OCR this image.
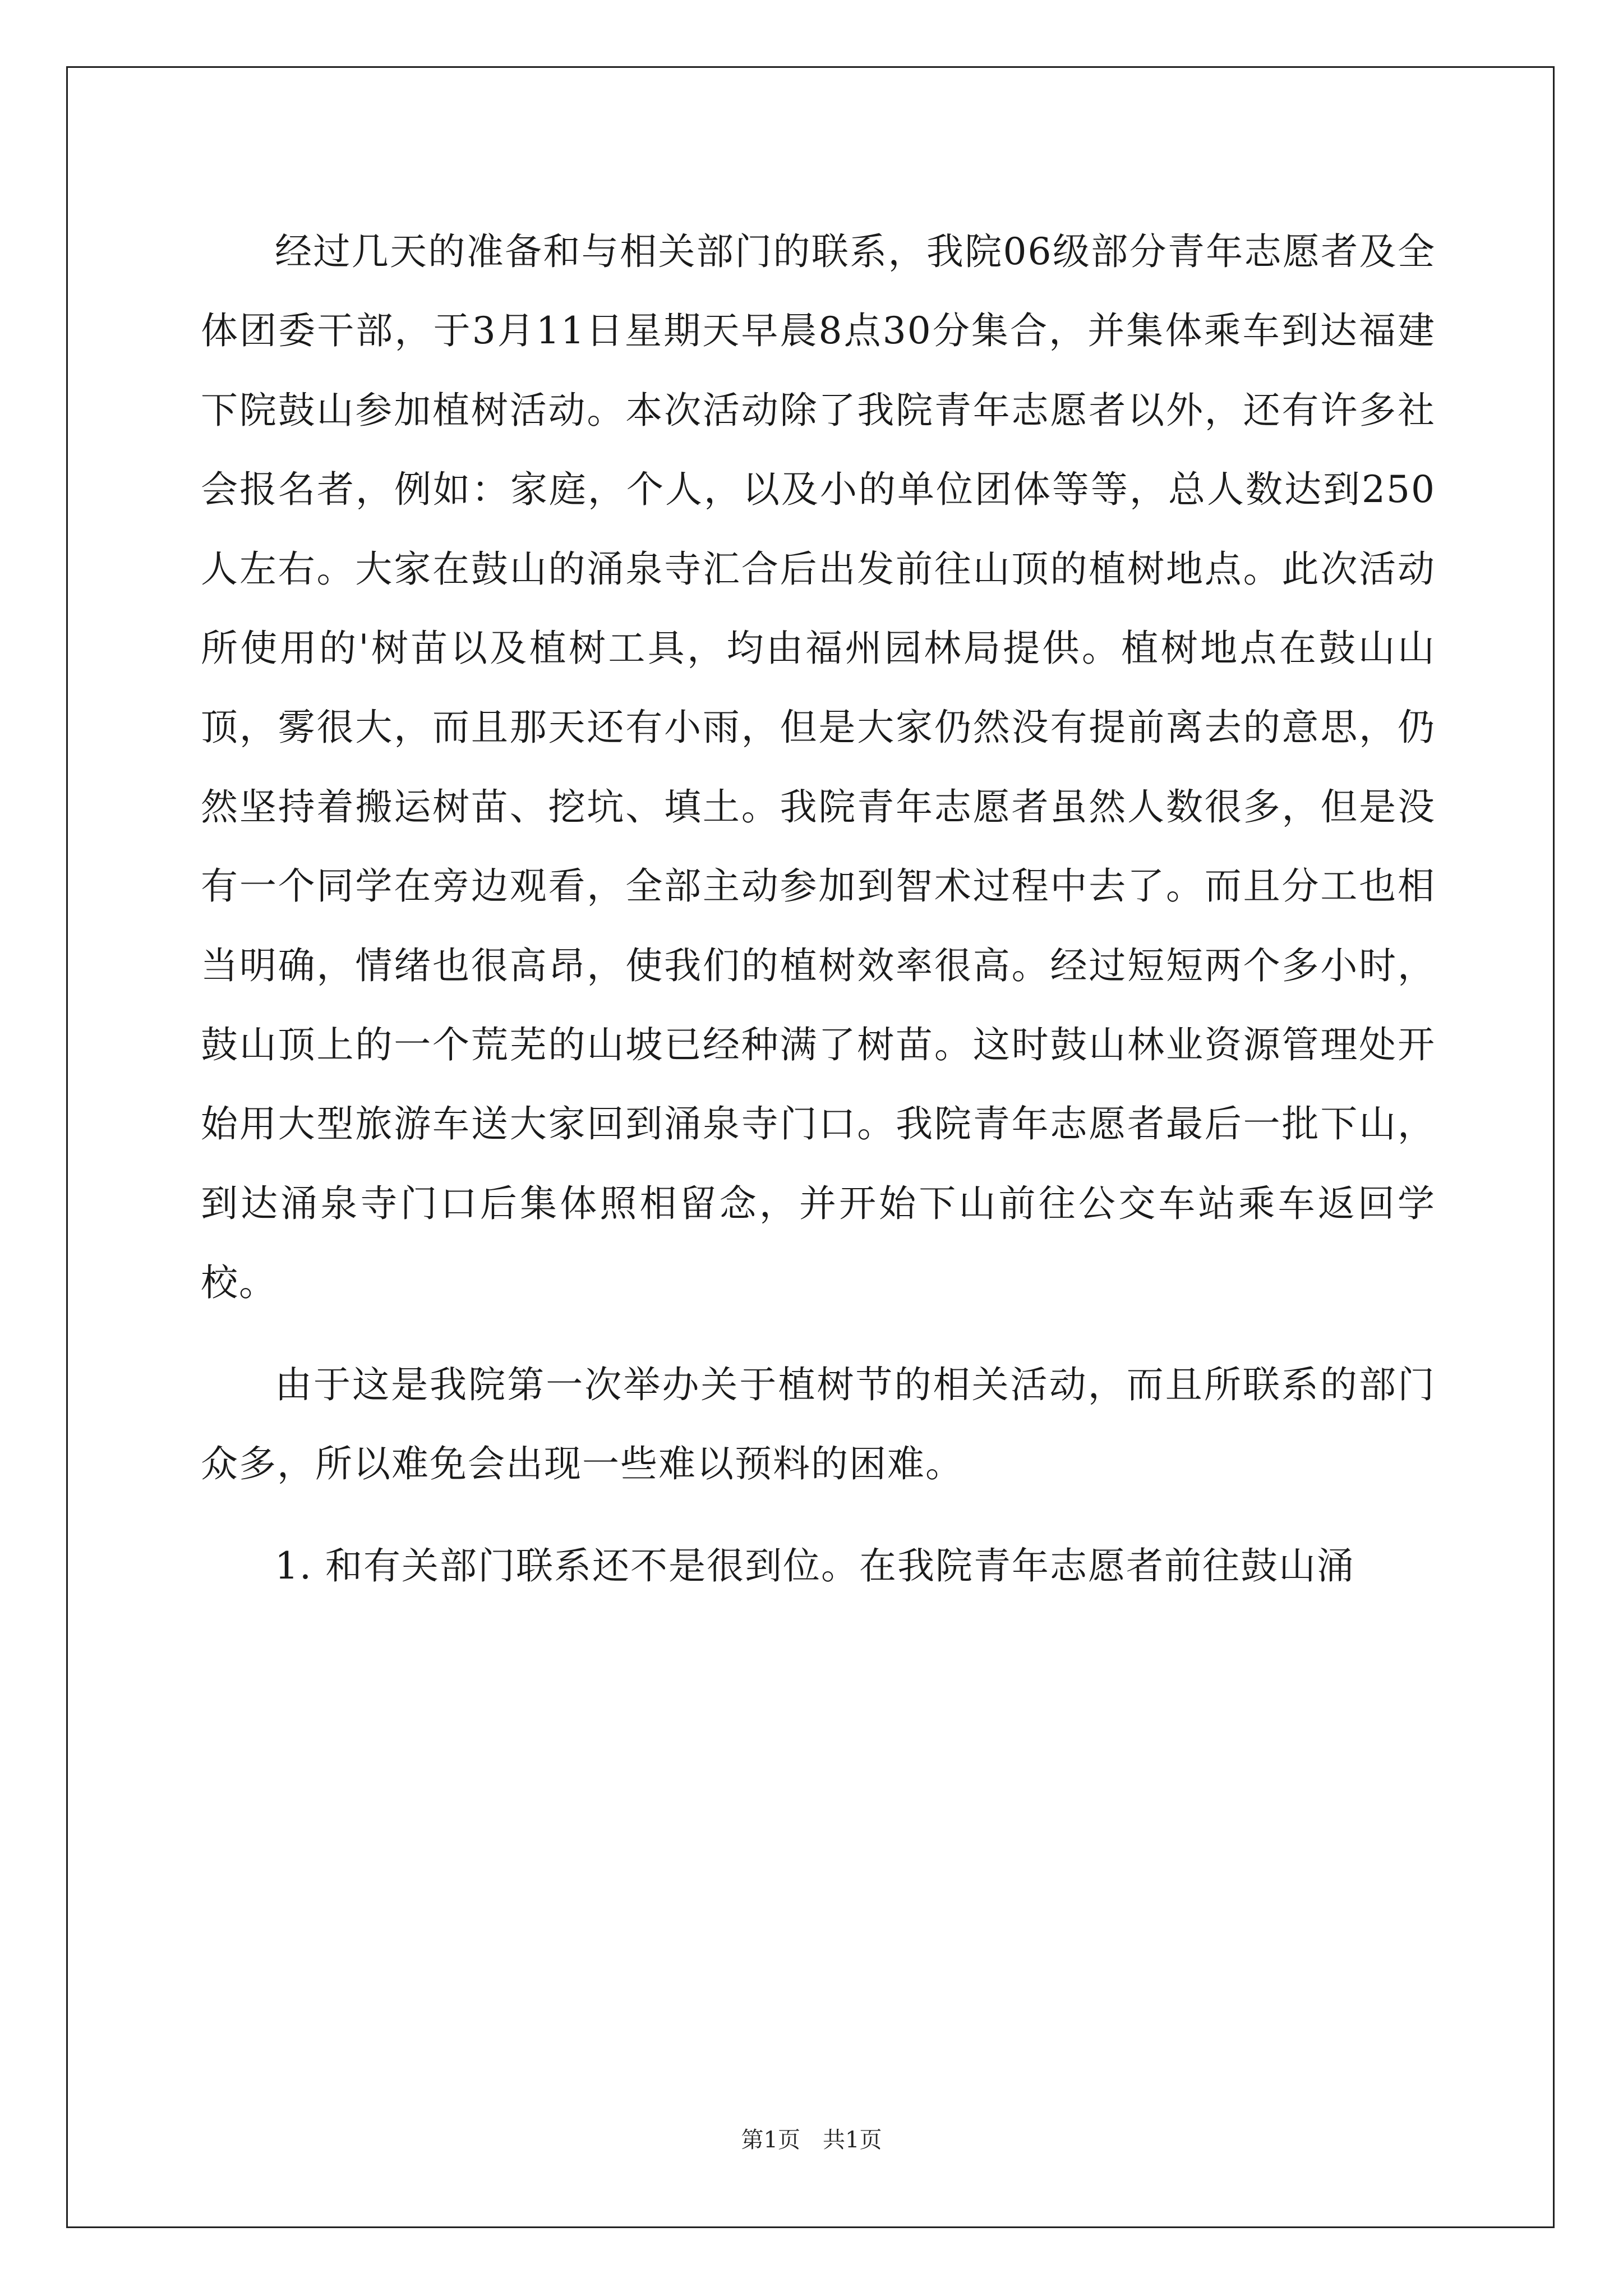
经过几天的准备和与相关部门的联系，我院06级部分青年志愿者及全体团委干部，于3月11日星期天早晨8点30分集合，并集体乘车到达福建下院鼓山参加植树活动。本次活动除了我院青年志愿者以外，还有许多社会报名者，例如：家庭，个人，以及小的单位团体等等，总人数达到250人左右。大家在鼓山的涌泉寺汇合后出发前往山顶的植树地点。此次活动所使用的'树苗以及植树工具，均由福州园林局提供。植树地点在鼓山山顶，雾很大，而且那天还有小雨，但是大家仍然没有提前离去的意思，仍然坚持着搬运树苗、挖坑、填土。我院青年志愿者虽然人数很多，但是没有一个同学在旁边观看，全部主动参加到智术过程中去了。而且分工也相当明确，情绪也很高昂，使我们的植树效率很高。经过短短两个多小时，鼓山顶上的一个荒芜的山坡已经种满了树苗。这时鼓山林业资源管理处开始用大型旅游车送大家回到涌泉寺门口。我院青年志愿者最后一批下山，到达涌泉寺门口后集体照相留念，并开始下山前往公交车站乘车返回学校。

由于这是我院第一次举办关于植树节的相关活动，而且所联系的部门众多，所以难免会出现一些难以预料的困难。

1. 和有关部门联系还不是很到位。在我院青年志愿者前往鼓山涌

第1页　共1页
